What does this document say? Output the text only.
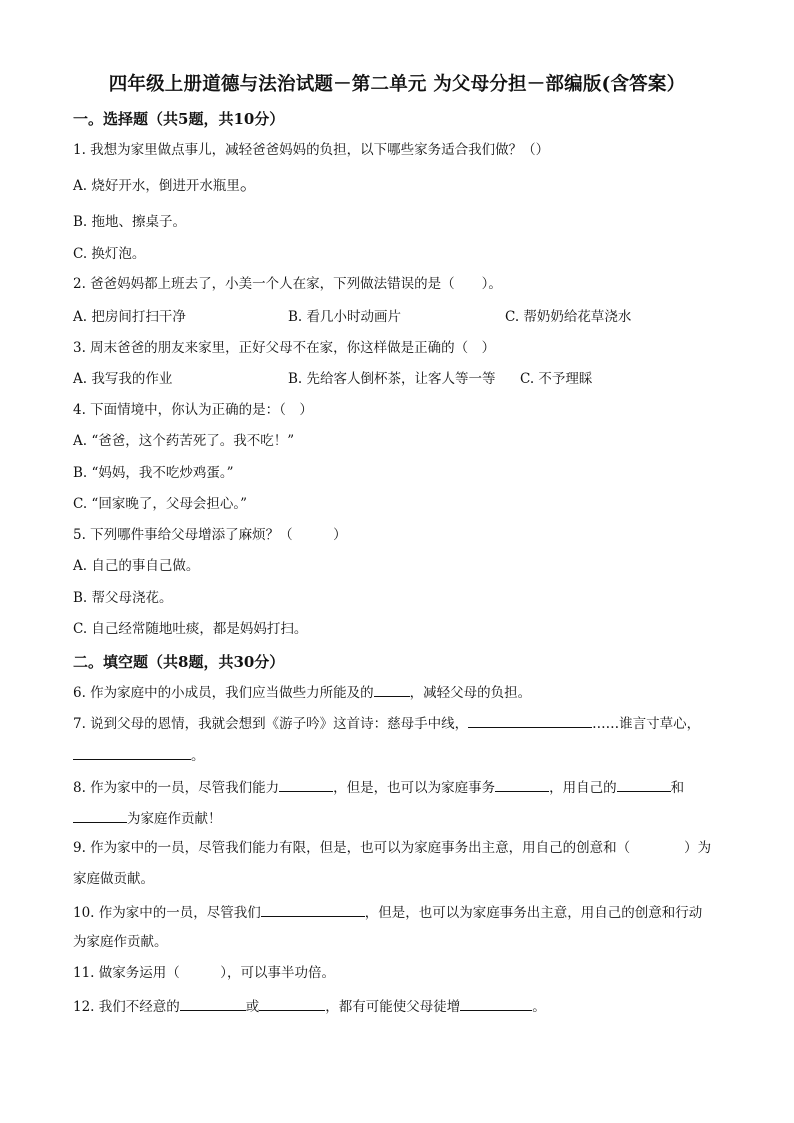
四年级上册道德与法治试题－第二单元 为父母分担－部编版(含答案）
一。选择题（共5题，共10分）
1. 我想为家里做点事儿，减轻爸爸妈妈的负担，以下哪些家务适合我们做？（）
A. 烧好开水，倒进开水瓶里。
B. 拖地、擦桌子。
C. 换灯泡。
2. 爸爸妈妈都上班去了，小美一个人在家，下列做法错误的是（　　）。
A. 把房间打扫干净	B. 看几小时动画片	C. 帮奶奶给花草浇水
3. 周末爸爸的朋友来家里，正好父母不在家，你这样做是正确的（　）
A. 我写我的作业	B. 先给客人倒杯茶，让客人等一等 C. 不予理睬
4. 下面情境中，你认为正确的是：（　）
A. “爸爸，这个药苦死了。我不吃！”
B. “妈妈，我不吃炒鸡蛋。”
C. “回家晚了，父母会担心。”
5. 下列哪件事给父母增添了麻烦？（　　　）
A. 自己的事自己做。
B. 帮父母浇花。
C. 自己经常随地吐痰，都是妈妈打扫。
二。填空题（共8题，共30分）
6. 作为家庭中的小成员，我们应当做些力所能及的	，减轻父母的负担。
7. 说到父母的恩情，我就会想到《游子吟》这首诗：慈母手中线，	……谁言寸草心，
。
8. 作为家中的一员，尽管我们能力	，但是，也可以为家庭事务	，用自己的	和
为家庭作贡献！
9. 作为家中的一员，尽管我们能力有限，但是，也可以为家庭事务出主意，用自己的创意和（　　　　）为
家庭做贡献。
10. 作为家中的一员，尽管我们	，但是，也可以为家庭事务出主意，用自己的创意和行动
为家庭作贡献。
11. 做家务运用（　　　），可以事半功倍。
12. 我们不经意的	或	，都有可能使父母徒增	。
